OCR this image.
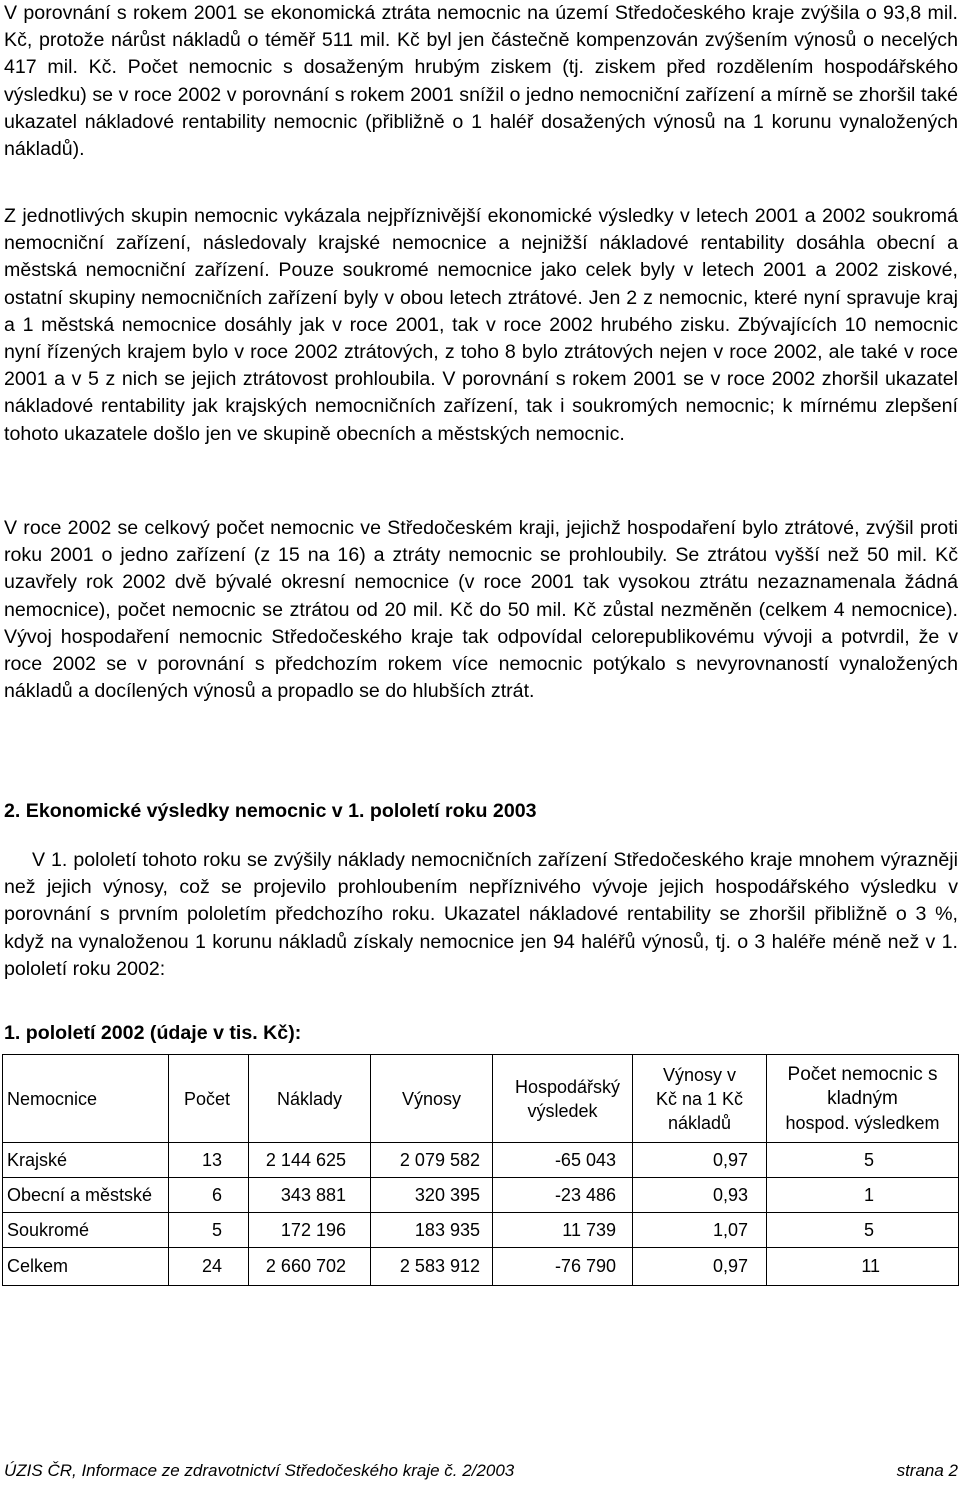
V porovnání s rokem 2001 se ekonomická ztráta nemocnic na území Středočeského kraje zvýšila o 93,8 mil. Kč, protože nárůst nákladů o téměř 511 mil. Kč byl jen částečně kompenzován zvýšením výnosů o necelých 417 mil. Kč. Počet nemocnic s dosaženým hrubým ziskem (tj. ziskem před rozdělením hospodářského výsledku) se v roce 2002 v porovnání s rokem 2001 snížil o jedno nemocniční zařízení a mírně se zhoršil také ukazatel nákladové rentability nemocnic (přibližně o 1 haléř dosažených výnosů na 1 korunu vynaložených nákladů).

Z jednotlivých skupin nemocnic vykázala nejpříznivější ekonomické výsledky v letech 2001 a 2002 soukromá nemocniční zařízení, následovaly krajské nemocnice a nejnižší nákladové rentability dosáhla obecní a městská nemocniční zařízení. Pouze soukromé nemocnice jako celek byly v letech 2001 a 2002 ziskové, ostatní skupiny nemocničních zařízení byly v obou letech ztrátové. Jen 2 z nemocnic, které nyní spravuje kraj a 1 městská nemocnice dosáhly jak v roce 2001, tak v roce 2002 hrubého zisku. Zbývajících 10 nemocnic nyní řízených krajem bylo v roce 2002 ztrátových, z toho 8 bylo ztrátových nejen v roce 2002, ale také v roce 2001 a v 5 z nich se jejich ztrátovost prohloubila. V porovnání s rokem 2001 se v roce 2002 zhoršil ukazatel nákladové rentability jak krajských nemocničních zařízení, tak i soukromých nemocnic; k mírnému zlepšení tohoto ukazatele došlo jen ve skupině obecních a městských nemocnic.

V roce 2002 se celkový počet nemocnic ve Středočeském kraji, jejichž hospodaření bylo ztrátové, zvýšil proti roku 2001 o jedno zařízení (z 15 na 16) a ztráty nemocnic se prohloubily. Se ztrátou vyšší než 50 mil. Kč uzavřely rok 2002 dvě bývalé okresní nemocnice (v roce 2001 tak vysokou ztrátu nezaznamenala žádná nemocnice), počet nemocnic se ztrátou od 20 mil. Kč do 50 mil. Kč zůstal nezměněn (celkem 4 nemocnice). Vývoj hospodaření nemocnic Středočeského kraje tak odpovídal celorepublikovému vývoji a potvrdil, že v roce 2002 se v porovnání s předchozím rokem více nemocnic potýkalo s nevyrovnaností vynaložených nákladů a docílených výnosů a propadlo se do hlubších ztrát.

2. Ekonomické výsledky nemocnic v 1. pololetí roku 2003

V 1. pololetí tohoto roku se zvýšily náklady nemocničních zařízení Středočeského kraje mnohem výrazněji než jejich výnosy, což se projevilo prohloubením nepříznivého vývoje jejich hospodářského výsledku v porovnání s prvním pololetím předchozího roku. Ukazatel nákladové rentability se zhoršil přibližně o 3 %, když na vynaloženou 1 korunu nákladů získaly nemocnice jen 94 haléřů výnosů, tj. o 3 haléře méně než v 1. pololetí roku 2002:

1. pololetí 2002 (údaje v tis. Kč):
Nemocnice	Počet	Náklady	Výnosy	Hospodářský výsledek	Výnosy v Kč na 1 Kč nákladů	Počet nemocnic s kladným
hospod. výsledkem

Krajské	13	2 144 625	2 079 582	-65 043	0,97	5
Obecní a městské	6	343 881	320 395	-23 486	0,93	1
Soukromé	5	172 196	183 935	11 739	1,07	5
Celkem	24	2 660 702	2 583 912	-76 790	0,97	11
ÚZIS ČR, Informace ze zdravotnictví Středočeského kraje č. 2/2003	strana 2
